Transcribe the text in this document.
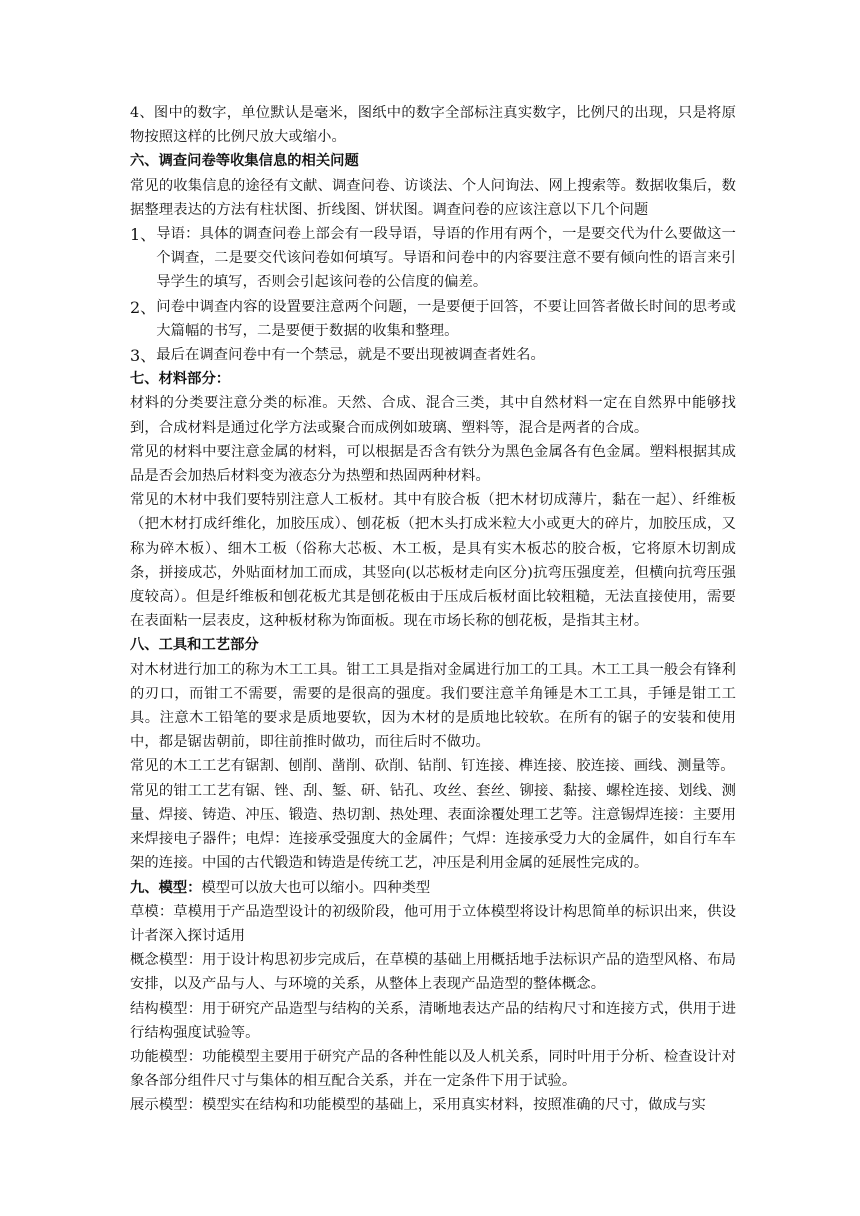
4、图中的数字，单位默认是毫米，图纸中的数字全部标注真实数字，比例尺的出现，只是将原物按照这样的比例尺放大或缩小。

六、调查问卷等收集信息的相关问题

常见的收集信息的途径有文献、调查问卷、访谈法、个人问询法、网上搜索等。数据收集后，数据整理表达的方法有柱状图、折线图、饼状图。调查问卷的应该注意以下几个问题

1、 导语：具体的调查问卷上部会有一段导语，导语的作用有两个，一是要交代为什么要做这一个调查，二是要交代该问卷如何填写。导语和问卷中的内容要注意不要有倾向性的语言来引导学生的填写，否则会引起该问卷的公信度的偏差。

2、 问卷中调查内容的设置要注意两个问题，一是要便于回答，不要让回答者做长时间的思考或大篇幅的书写，二是要便于数据的收集和整理。

3、 最后在调查问卷中有一个禁忌，就是不要出现被调查者姓名。

七、材料部分：

材料的分类要注意分类的标准。天然、合成、混合三类，其中自然材料一定在自然界中能够找到，合成材料是通过化学方法或聚合而成例如玻璃、塑料等，混合是两者的合成。

常见的材料中要注意金属的材料，可以根据是否含有铁分为黑色金属各有色金属。塑料根据其成品是否会加热后材料变为液态分为热塑和热固两种材料。

常见的木材中我们要特别注意人工板材。其中有胶合板（把木材切成薄片，黏在一起）、纤维板（把木材打成纤维化，加胶压成）、刨花板（把木头打成米粒大小或更大的碎片，加胶压成，又称为碎木板）、细木工板（俗称大芯板、木工板，是具有实木板芯的胶合板，它将原木切割成条，拼接成芯，外贴面材加工而成，其竖向(以芯板材走向区分)抗弯压强度差，但横向抗弯压强度较高）。但是纤维板和刨花板尤其是刨花板由于压成后板材面比较粗糙，无法直接使用，需要在表面粘一层表皮，这种板材称为饰面板。现在市场长称的刨花板，是指其主材。

八、工具和工艺部分

对木材进行加工的称为木工工具。钳工工具是指对金属进行加工的工具。木工工具一般会有锋利的刃口，而钳工不需要，需要的是很高的强度。我们要注意羊角锤是木工工具，手锤是钳工工具。注意木工铅笔的要求是质地要软，因为木材的是质地比较软。在所有的锯子的安装和使用中，都是锯齿朝前，即往前推时做功，而往后时不做功。

常见的木工工艺有锯割、刨削、凿削、砍削、钻削、钉连接、榫连接、胶连接、画线、测量等。

常见的钳工工艺有锯、锉、刮、錾、研、钻孔、攻丝、套丝、铆接、黏接、螺栓连接、划线、测量、焊接、铸造、冲压、锻造、热切割、热处理、表面涂覆处理工艺等。注意锡焊连接：主要用来焊接电子器件；电焊：连接承受强度大的金属件；气焊：连接承受力大的金属件，如自行车车架的连接。中国的古代锻造和铸造是传统工艺，冲压是利用金属的延展性完成的。

九、模型：模型可以放大也可以缩小。四种类型

草模：草模用于产品造型设计的初级阶段，他可用于立体模型将设计构思简单的标识出来，供设计者深入探讨适用

概念模型：用于设计构思初步完成后，在草模的基础上用概括地手法标识产品的造型风格、布局安排，以及产品与人、与环境的关系，从整体上表现产品造型的整体概念。

结构模型：用于研究产品造型与结构的关系，清晰地表达产品的结构尺寸和连接方式，供用于进行结构强度试验等。

功能模型：功能模型主要用于研究产品的各种性能以及人机关系，同时叶用于分析、检查设计对象各部分组件尺寸与集体的相互配合关系，并在一定条件下用于试验。

展示模型：模型实在结构和功能模型的基础上，采用真实材料，按照准确的尺寸，做成与实
